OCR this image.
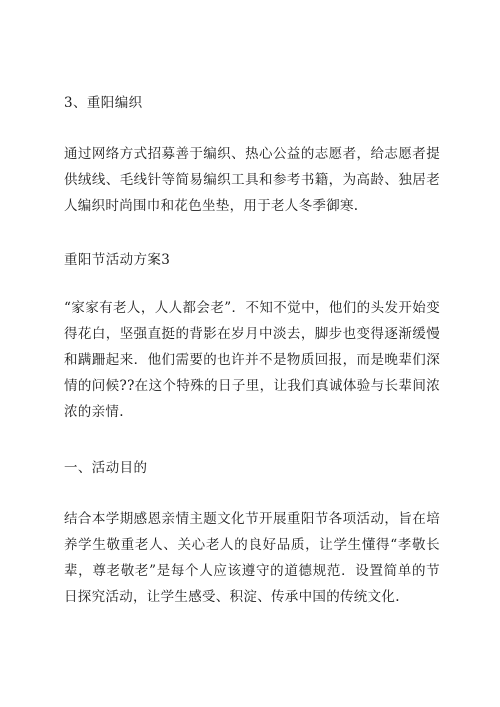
3、重阳编织

通过网络方式招募善于编织、热心公益的志愿者，给志愿者提供绒线、毛线针等简易编织工具和参考书籍，为高龄、独居老人编织时尚围巾和花色坐垫，用于老人冬季御寒.

重阳节活动方案3

“家家有老人，人人都会老”．不知不觉中，他们的头发开始变得花白，坚强直挺的背影在岁月中淡去，脚步也变得逐渐缓慢和蹒跚起来．他们需要的也许并不是物质回报，而是晚辈们深情的问候??在这个特殊的日子里，让我们真诚体验与长辈间浓浓的亲情.

一、活动目的

结合本学期感恩亲情主题文化节开展重阳节各项活动，旨在培养学生敬重老人、关心老人的良好品质，让学生懂得“孝敬长辈，尊老敬老”是每个人应该遵守的道德规范．设置简单的节日探究活动，让学生感受、积淀、传承中国的传统文化.
